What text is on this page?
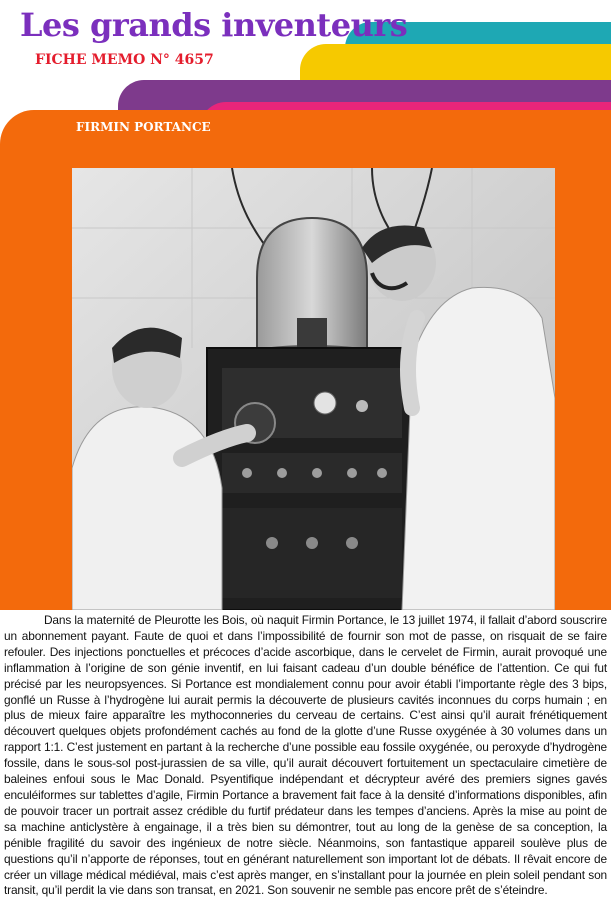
Les grands inventeurs
FICHE MEMO N° 4657
FIRMIN PORTANCE

Dans la maternité de Pleurotte les Bois, où naquit Firmin Portance, le 13 juillet 1974, il fallait d’abord souscrire un abonnement payant. Faute de quoi et dans l’impossibilité de fournir son mot de passe, on risquait de se faire refouler. Des injections ponctuelles et précoces d’acide ascorbique, dans le cervelet de Firmin, aurait provoqué une inflammation à l’origine de son génie inventif, en lui faisant cadeau d’un double bénéfice de l’attention. Ce qui fut précisé par les neuropsyences. Si Portance est mondialement connu pour avoir établi l’importante règle des 3 bips, gonflé un Russe à l’hydrogène lui aurait permis la découverte de plusieurs cavités inconnues du corps humain ; en plus de mieux faire apparaître les mythoconneries du cerveau de certains. C’est ainsi qu’il aurait frénétiquement découvert quelques objets profondément cachés au fond de la glotte d’une Russe oxygénée à 30 volumes dans un rapport 1:1. C’est justement en partant à la recherche d’une possible eau fossile oxygénée, ou peroxyde d’hydrogène fossile, dans le sous-sol post-jurassien de sa ville, qu’il aurait découvert fortuitement un spectaculaire cimetière de baleines enfoui sous le Mac Donald. Psyentifique indépendant et décrypteur avéré des premiers signes gavés enculéiformes sur tablettes d’agile, Firmin Portance a bravement fait face à la densité d’informations disponibles, afin de pouvoir tracer un portrait assez crédible du furtif prédateur dans les tempes d’anciens. Après la mise au point de sa machine anticlystère à engainage, il a très bien su démontrer, tout au long de la genèse de sa conception, la pénible fragilité du savoir des ingénieux de notre siècle. Néanmoins, son fantastique appareil soulève plus de questions qu’il n’apporte de réponses, tout en générant naturellement son important lot de débats. Il rêvait encore de créer un village médical médiéval, mais c’est après manger, en s’installant pour la journée en plein soleil pendant son transit, qu’il perdit la vie dans son transat, en 2021. Son souvenir ne semble pas encore prêt de s’éteindre.
